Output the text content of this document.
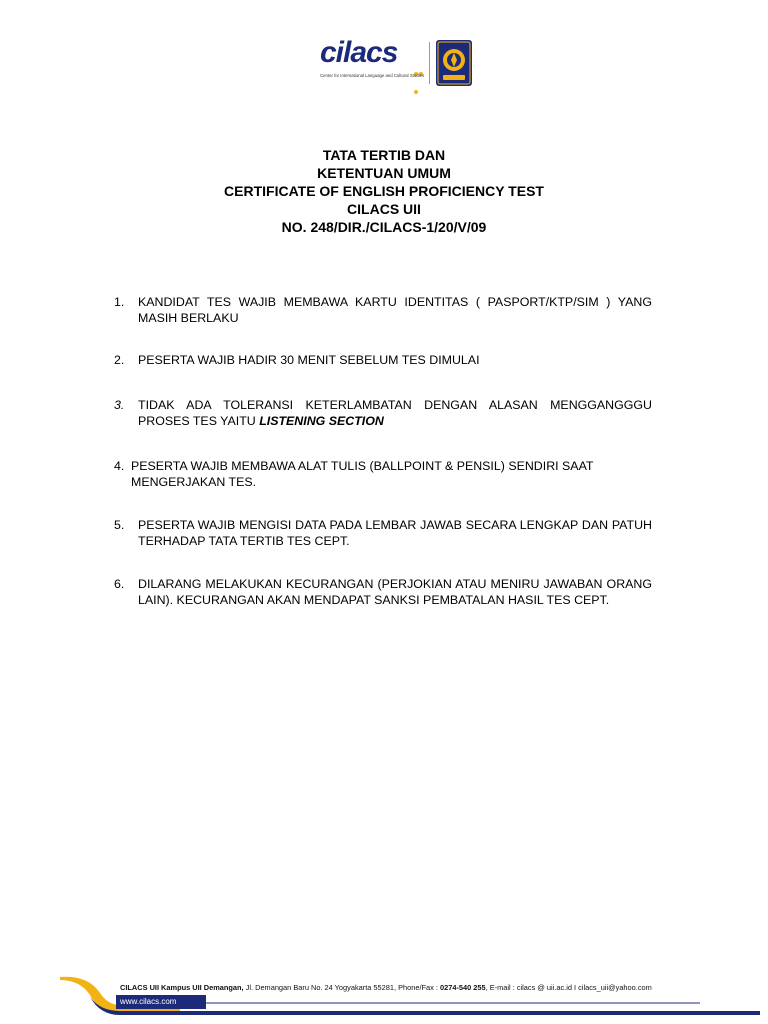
cilacs
Center for International Language and Cultural Studies
TATA TERTIB DAN
KETENTUAN UMUM
CERTIFICATE OF ENGLISH PROFICIENCY TEST
CILACS UII
NO. 248/DIR./CILACS-1/20/V/09
1. KANDIDAT TES WAJIB MEMBAWA KARTU IDENTITAS ( PASPORT/KTP/SIM ) YANG MASIH BERLAKU
2. PESERTA WAJIB HADIR 30 MENIT SEBELUM TES DIMULAI
3. TIDAK ADA TOLERANSI KETERLAMBATAN DENGAN ALASAN MENGGANGGGU PROSES TES YAITU LISTENING SECTION
4. PESERTA WAJIB MEMBAWA ALAT TULIS (BALLPOINT & PENSIL) SENDIRI SAAT
MENGERJAKAN TES.
5. PESERTA WAJIB MENGISI DATA PADA LEMBAR JAWAB SECARA LENGKAP DAN PATUH TERHADAP TATA TERTIB TES CEPT.
6. DILARANG MELAKUKAN KECURANGAN (PERJOKIAN ATAU MENIRU JAWABAN ORANG LAIN). KECURANGAN AKAN MENDAPAT SANKSI PEMBATALAN HASIL TES CEPT.
CILACS UII Kampus UII Demangan, Jl. Demangan Baru No. 24 Yogyakarta 55281, Phone/Fax : 0274-540 255, E-mail : cilacs @ uii.ac.id I cilacs_uii@yahoo.com
www.cilacs.com
